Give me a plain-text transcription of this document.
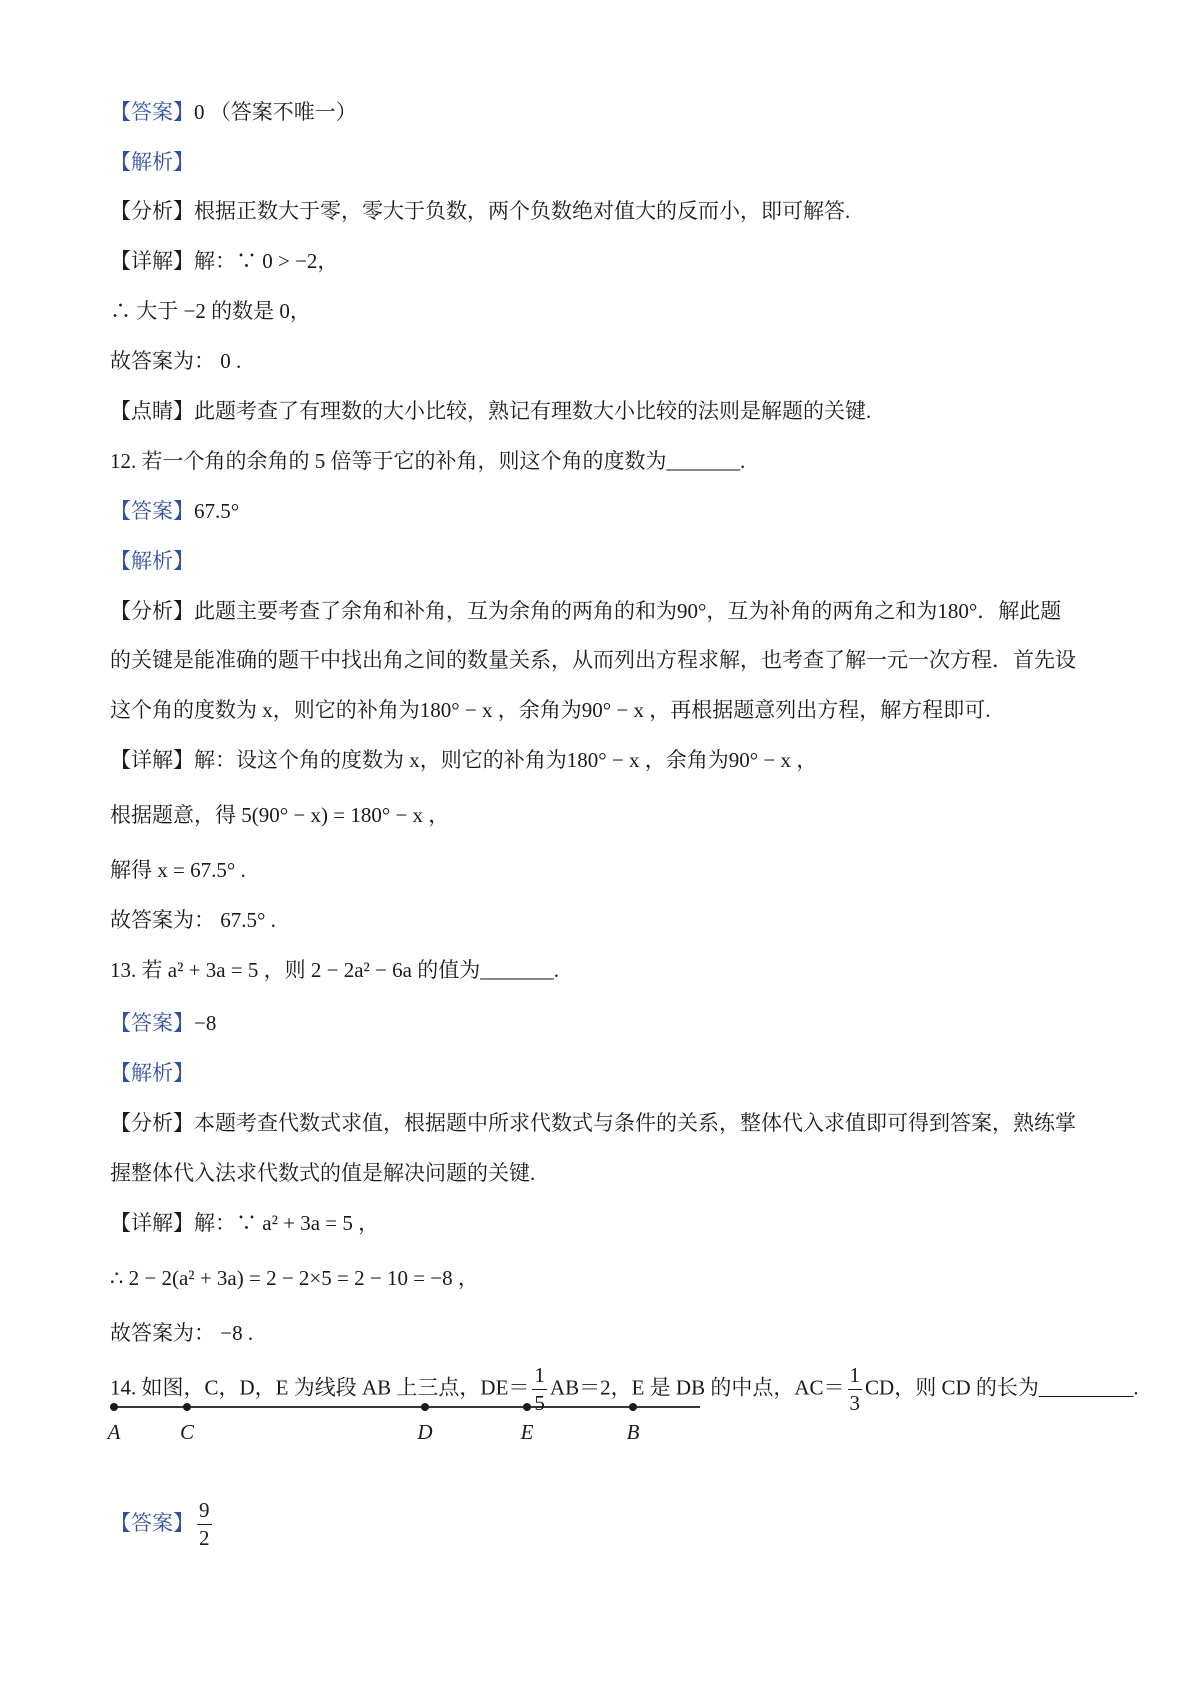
故答案为： −8 .
∴ 2 − 2(a² + 3a) = 2 − 2×5 = 2 − 10 = −8 ，
【详解】解：∵ a² + 3a = 5 ，
握整体代入法求代数式的值是解决问题的关键.
【分析】本题考查代数式求值，根据题中所求代数式与条件的关系，整体代入求值即可得到答案，熟练掌
【解析】
【答案】−8
13. 若 a² + 3a = 5 ，则 2 − 2a² − 6a 的值为_______.
故答案为： 67.5° .
解得 x = 67.5° .
根据题意，得 5(90° − x) = 180° − x ，
【详解】解：设这个角的度数为 x，则它的补角为180° − x ，余角为90° − x ，
这个角的度数为 x，则它的补角为180° − x ，余角为90° − x ，再根据题意列出方程，解方程即可.
的关键是能准确的题干中找出角之间的数量关系，从而列出方程求解，也考查了解一元一次方程．首先设
【分析】此题主要考查了余角和补角，互为余角的两角的和为90°，互为补角的两角之和为180°．解此题
【解析】
【答案】67.5°
12. 若一个角的余角的 5 倍等于它的补角，则这个角的度数为_______.
【点睛】此题考查了有理数的大小比较，熟记有理数大小比较的法则是解题的关键.
故答案为： 0 .
∴ 大于 −2 的数是 0，
【详解】解：∵ 0 > −2，
【分析】根据正数大于零，零大于负数，两个负数绝对值大的反而小，即可解答.
【解析】
【答案】0 （答案不唯一）
14. 如图，C，D，E 为线段 AB 上三点，$DE= \frac{1}{5} AB=2$，E 是 DB 的中点，$AC= \frac{1}{3}$ CD，则 CD 的长为_________.
A	C	D	E	B
【答案】 $\frac{9}{2}$
